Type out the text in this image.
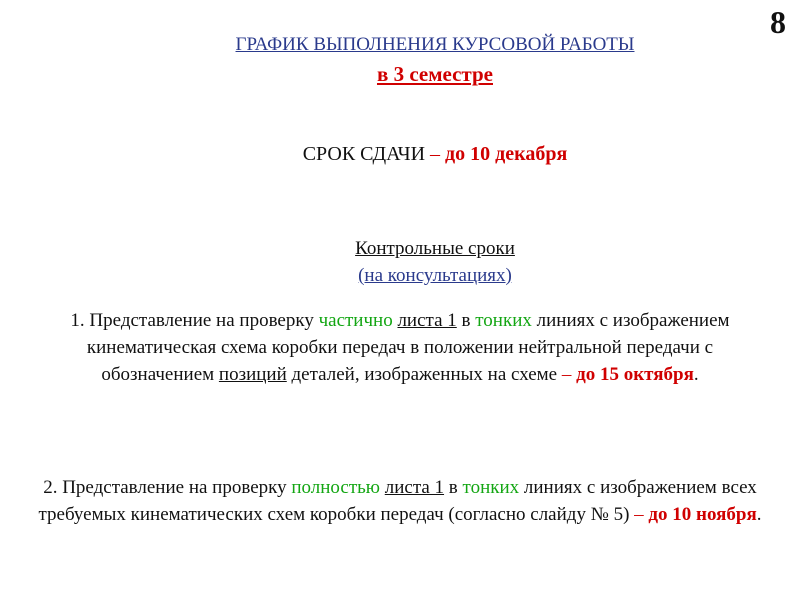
8
ГРАФИК ВЫПОЛНЕНИЯ КУРСОВОЙ РАБОТЫ
в 3 семестре
СРОК СДАЧИ – до 10 декабря
Контрольные сроки
(на консультациях)
1. Представление на проверку частично листа 1 в тонких линиях с изображением кинематическая схема коробки передач в положении нейтральной передачи с обозначением позиций деталей, изображенных на схеме – до 15 октября.
2. Представление на проверку полностью листа 1 в тонких линиях с изображением всех требуемых кинематических схем коробки передач (согласно слайду № 5) – до 10 ноября.
